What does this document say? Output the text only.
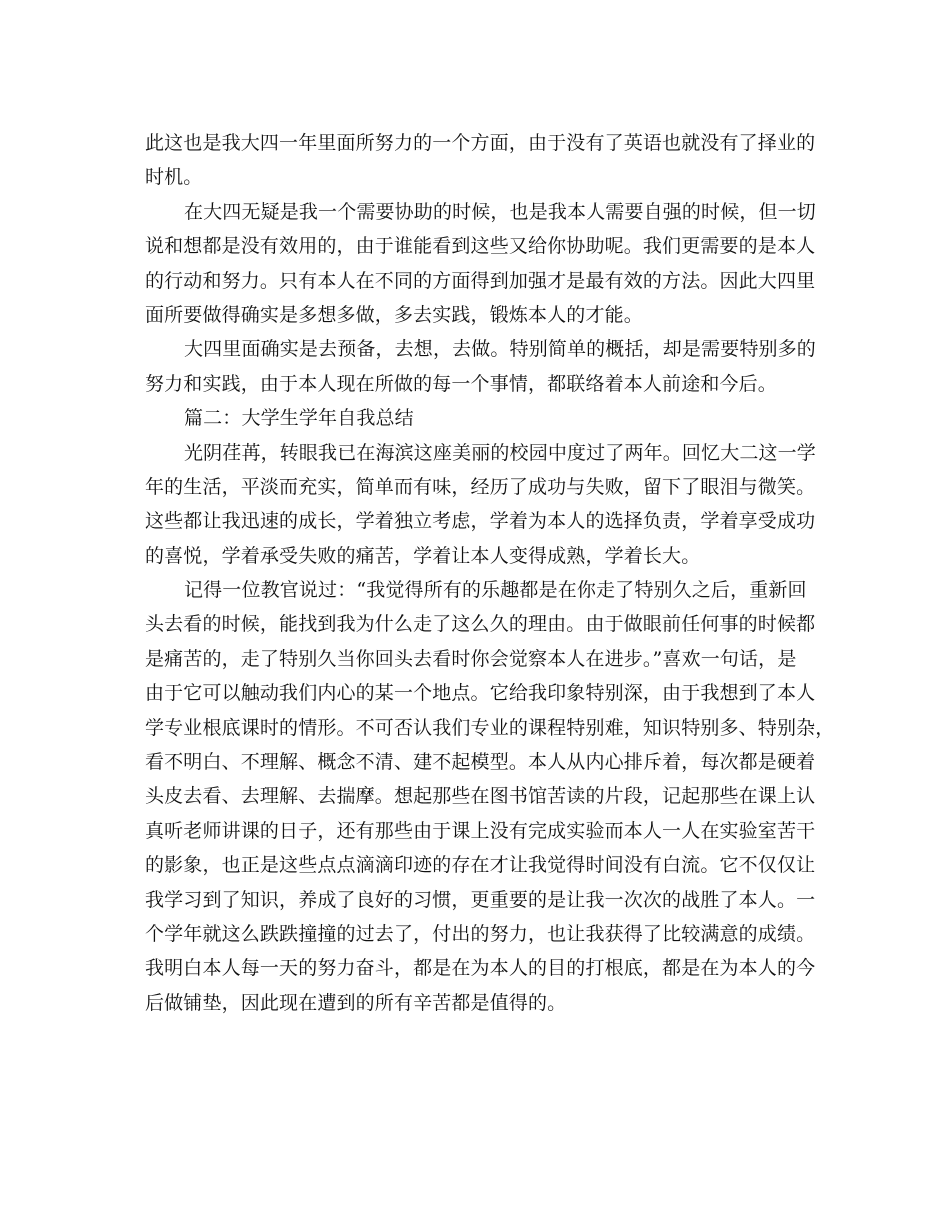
此这也是我大四一年里面所努力的一个方面，由于没有了英语也就没有了择业的
时机。
在大四无疑是我一个需要协助的时候，也是我本人需要自强的时候，但一切
说和想都是没有效用的，由于谁能看到这些又给你协助呢。我们更需要的是本人
的行动和努力。只有本人在不同的方面得到加强才是最有效的方法。因此大四里
面所要做得确实是多想多做，多去实践，锻炼本人的才能。
大四里面确实是去预备，去想，去做。特别简单的概括，却是需要特别多的
努力和实践，由于本人现在所做的每一个事情，都联络着本人前途和今后。
篇二：大学生学年自我总结
光阴荏苒，转眼我已在海滨这座美丽的校园中度过了两年。回忆大二这一学
年的生活，平淡而充实，简单而有味，经历了成功与失败，留下了眼泪与微笑。
这些都让我迅速的成长，学着独立考虑，学着为本人的选择负责，学着享受成功
的喜悦，学着承受失败的痛苦，学着让本人变得成熟，学着长大。
记得一位教官说过：“我觉得所有的乐趣都是在你走了特别久之后，重新回
头去看的时候，能找到我为什么走了这么久的理由。由于做眼前任何事的时候都
是痛苦的，走了特别久当你回头去看时你会觉察本人在进步。”喜欢一句话，是
由于它可以触动我们内心的某一个地点。它给我印象特别深，由于我想到了本人
学专业根底课时的情形。不可否认我们专业的课程特别难，知识特别多、特别杂，
看不明白、不理解、概念不清、建不起模型。本人从内心排斥着，每次都是硬着
头皮去看、去理解、去揣摩。想起那些在图书馆苦读的片段，记起那些在课上认
真听老师讲课的日子，还有那些由于课上没有完成实验而本人一人在实验室苦干
的影象，也正是这些点点滴滴印迹的存在才让我觉得时间没有白流。它不仅仅让
我学习到了知识，养成了良好的习惯，更重要的是让我一次次的战胜了本人。一
个学年就这么跌跌撞撞的过去了，付出的努力，也让我获得了比较满意的成绩。
我明白本人每一天的努力奋斗，都是在为本人的目的打根底，都是在为本人的今
后做铺垫，因此现在遭到的所有辛苦都是值得的。
